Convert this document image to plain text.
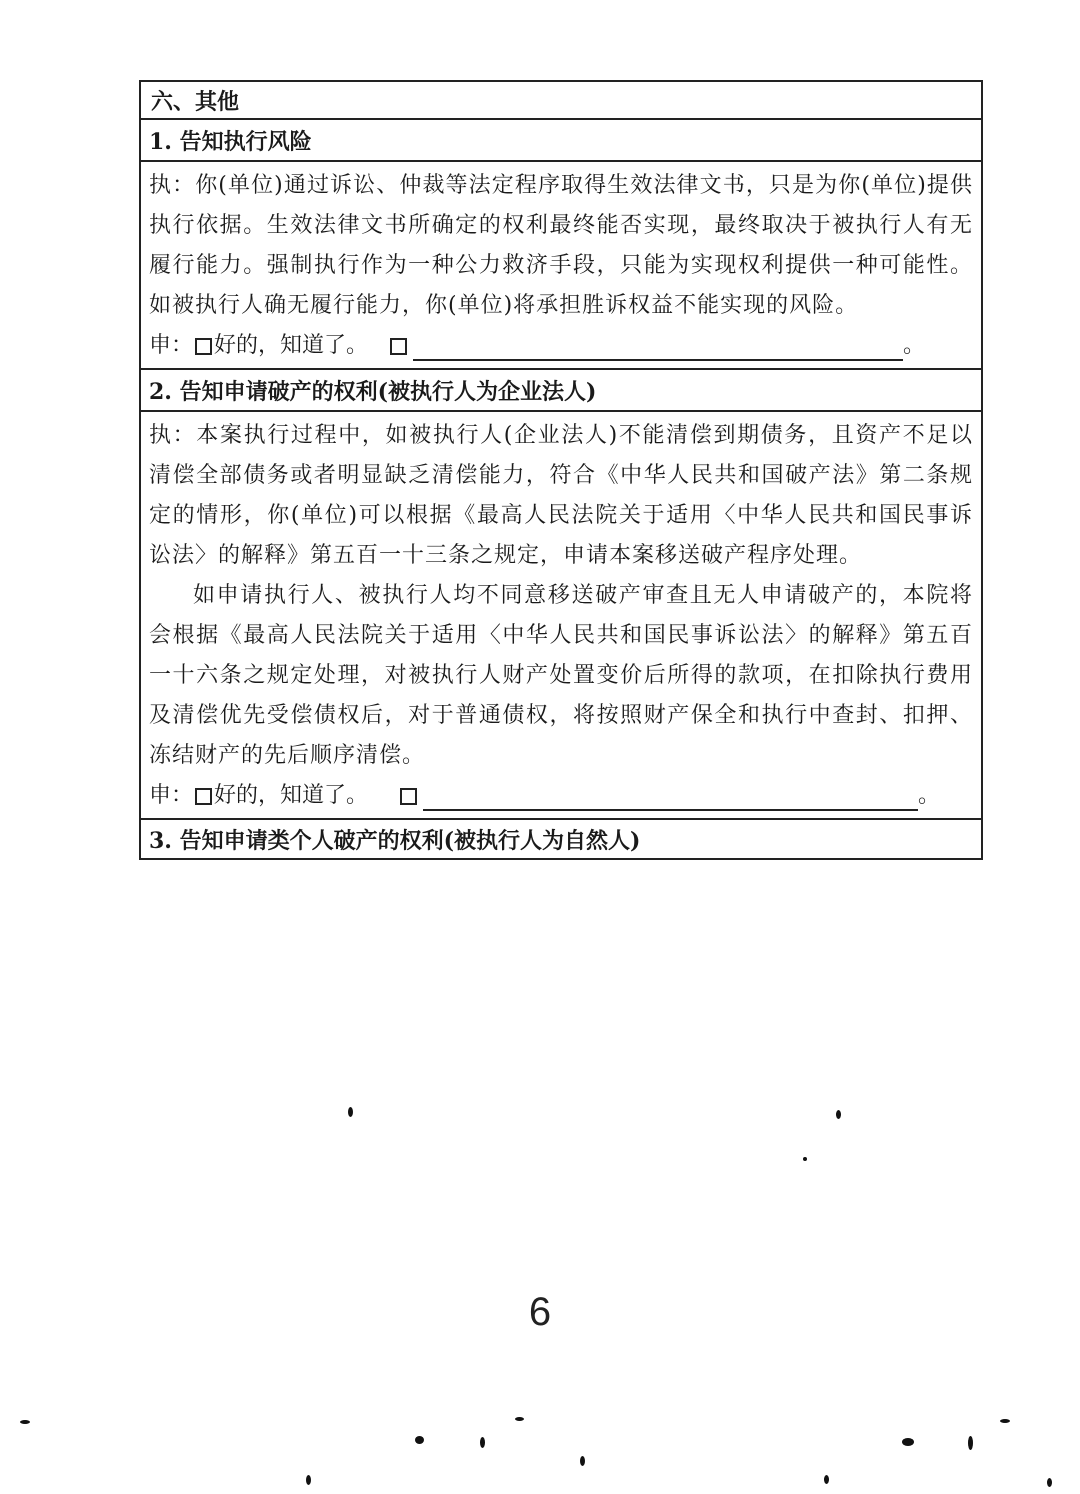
六、其他
1. 告知执行风险
执：你(单位)通过诉讼、仲裁等法定程序取得生效法律文书，只是为你(单位)提供执行依据。生效法律文书所确定的权利最终能否实现，最终取决于被执行人有无履行能力。强制执行作为一种公力救济手段，只能为实现权利提供一种可能性。如被执行人确无履行能力，你(单位)将承担胜诉权益不能实现的风险。
申： 好的，知道了。	。
2. 告知申请破产的权利(被执行人为企业法人)
执：本案执行过程中，如被执行人(企业法人)不能清偿到期债务，且资产不足以清偿全部债务或者明显缺乏清偿能力，符合《中华人民共和国破产法》第二条规定的情形，你(单位)可以根据《最高人民法院关于适用〈中华人民共和国民事诉讼法〉的解释》第五百一十三条之规定，申请本案移送破产程序处理。
如申请执行人、被执行人均不同意移送破产审查且无人申请破产的，本院将会根据《最高人民法院关于适用〈中华人民共和国民事诉讼法〉的解释》第五百一十六条之规定处理，对被执行人财产处置变价后所得的款项，在扣除执行费用及清偿优先受偿债权后，对于普通债权，将按照财产保全和执行中查封、扣押、冻结财产的先后顺序清偿。
申： 好的，知道了。	。
3. 告知申请类个人破产的权利(被执行人为自然人)
6
